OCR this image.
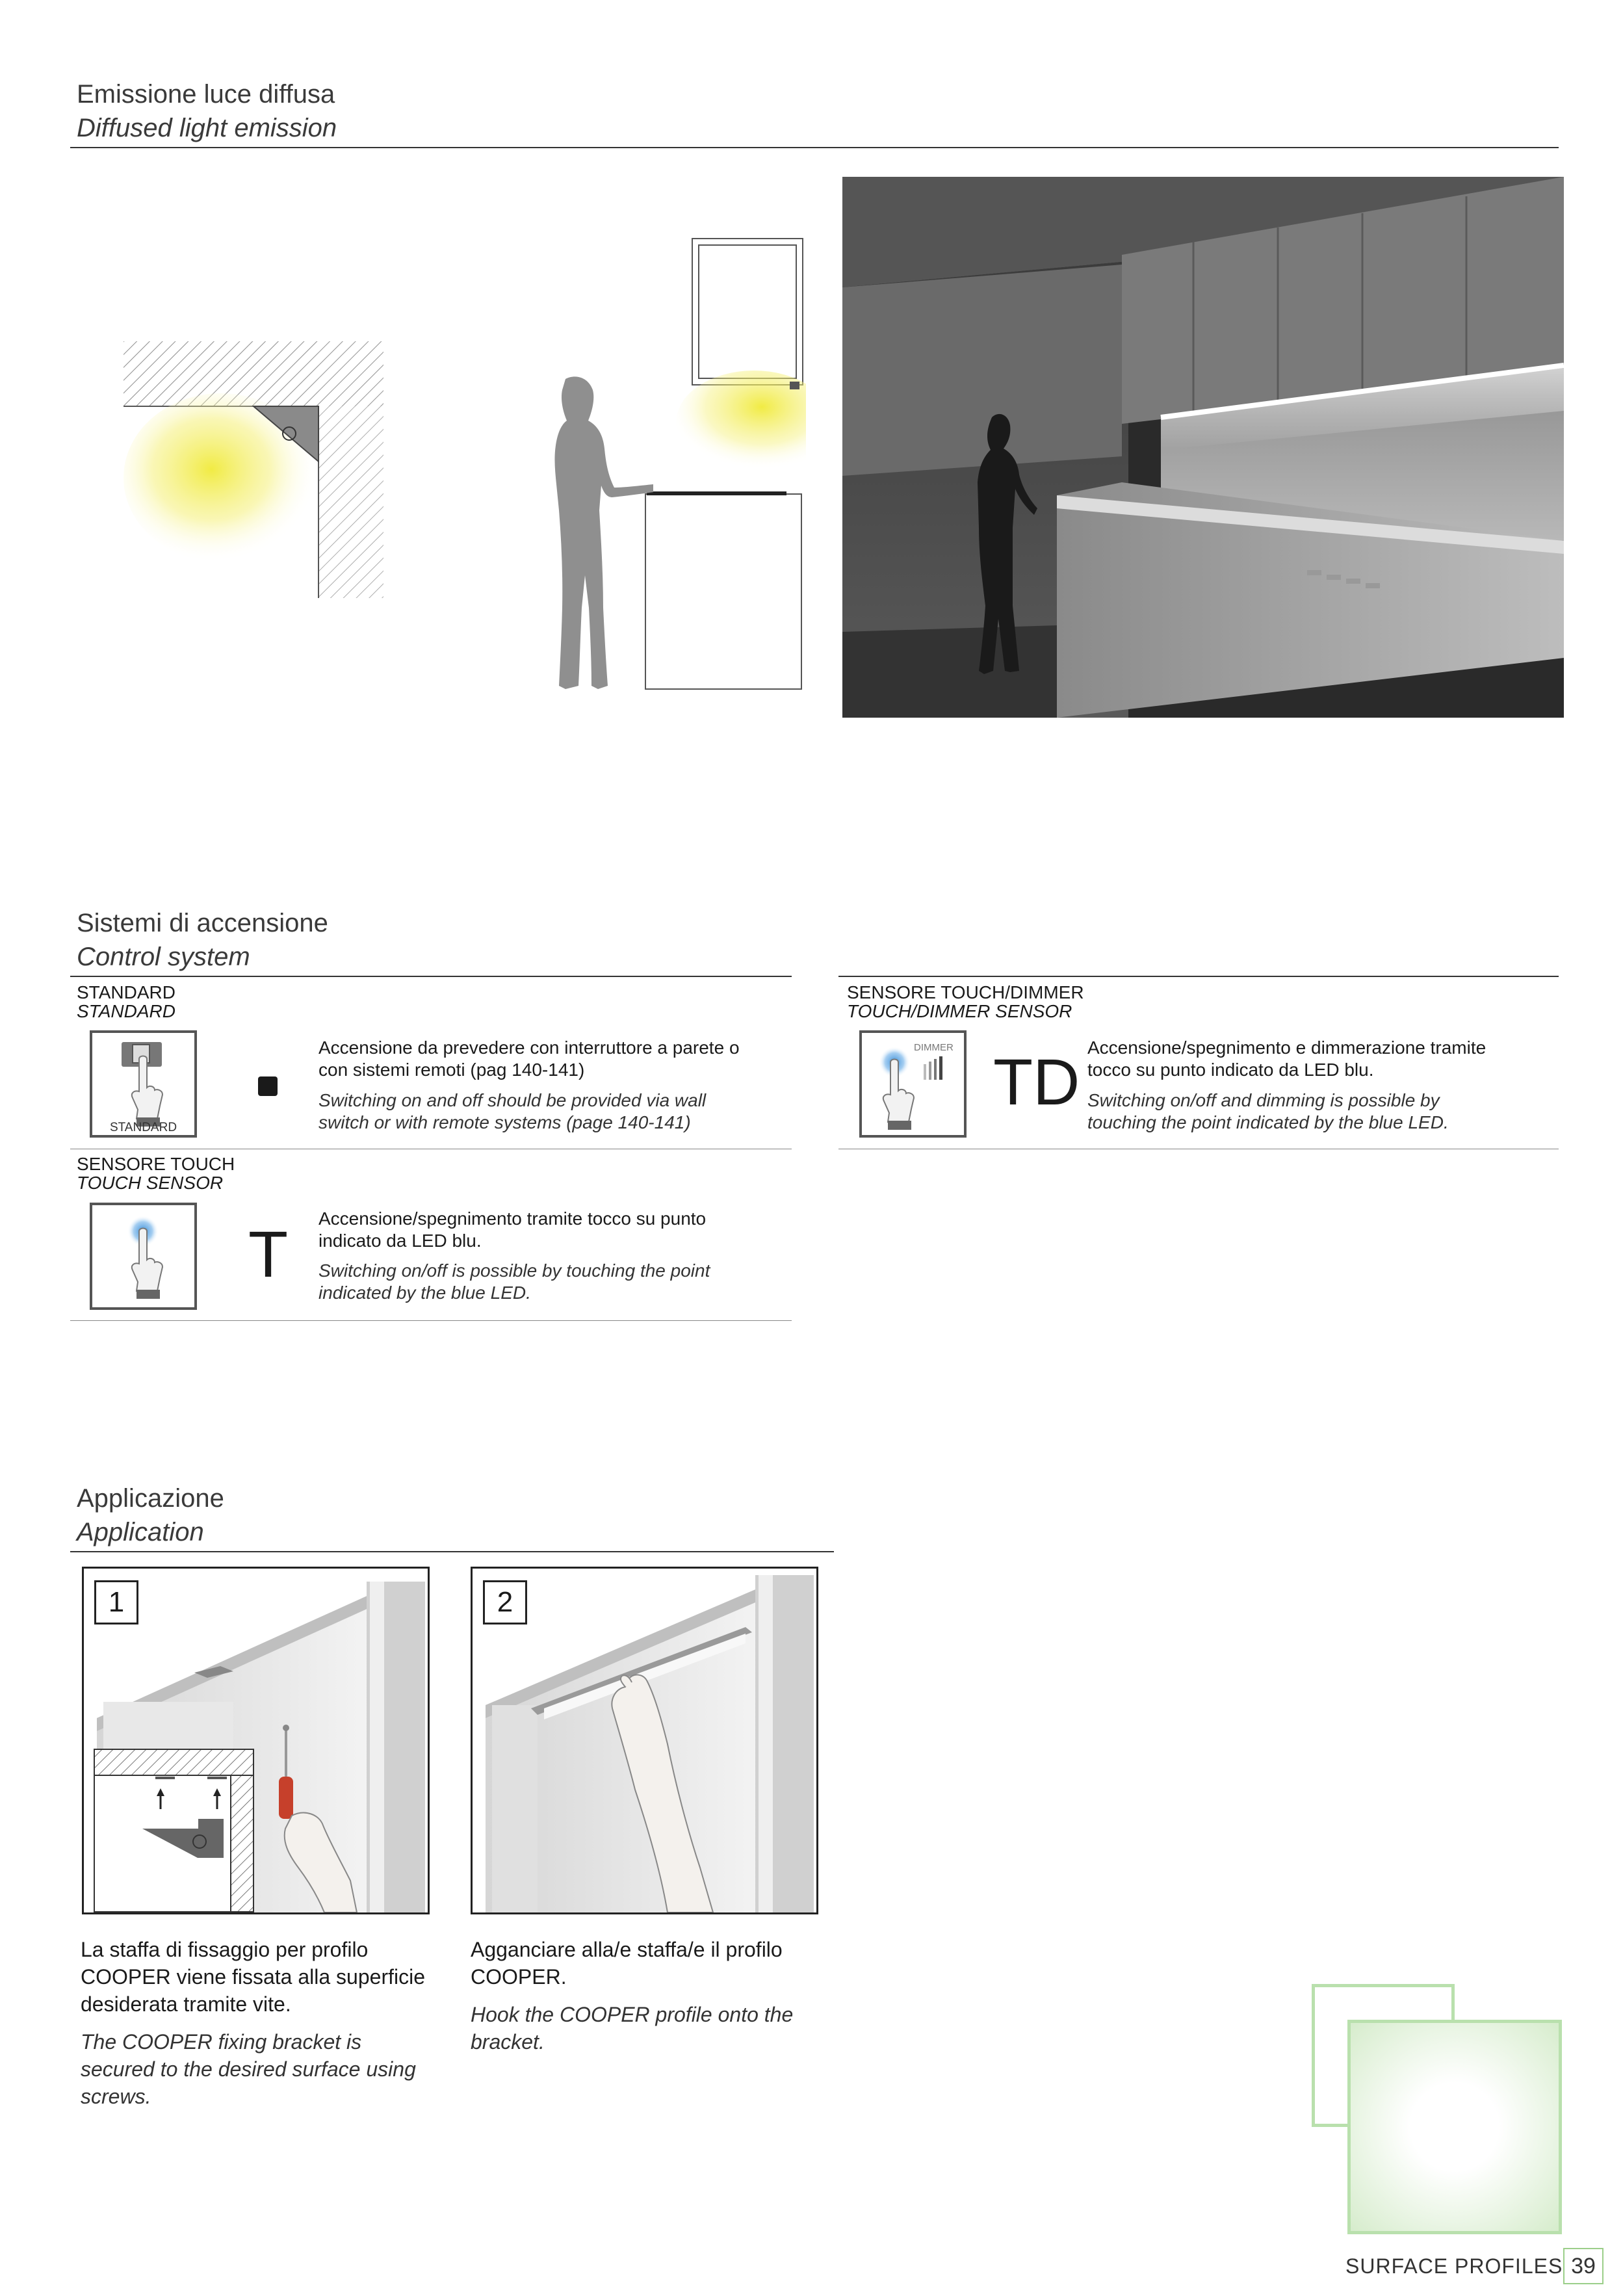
Emissione luce diffusa
Diffused light emission
Sistemi di accensione
Control system
STANDARD
STANDARD
STANDARD
Accensione da prevedere con interruttore a parete o con sistemi remoti (pag 140-141)
Switching on and off should be provided via wall switch or with remote systems (page 140-141)
SENSORE TOUCH
TOUCH SENSOR
T Accensione/spegnimento tramite tocco su punto indicato da LED blu.
Switching on/off is possible by touching the point indicated by the blue LED.
SENSORE TOUCH/DIMMER
TOUCH/DIMMER SENSOR
DIMMER TD Accensione/spegnimento e dimmerazione tramite tocco su punto indicato da LED blu.
Switching on/off and dimming is possible by touching the point indicated by the blue LED.
Applicazione
Application
1	2
La staffa di fissaggio per profilo COOPER viene fissata alla superficie desiderata tramite vite.
The COOPER fixing bracket is secured to the desired surface using screws.
Agganciare alla/e staffa/e il profilo COOPER.
Hook the COOPER profile onto the bracket.
SURFACE PROFILES 39
